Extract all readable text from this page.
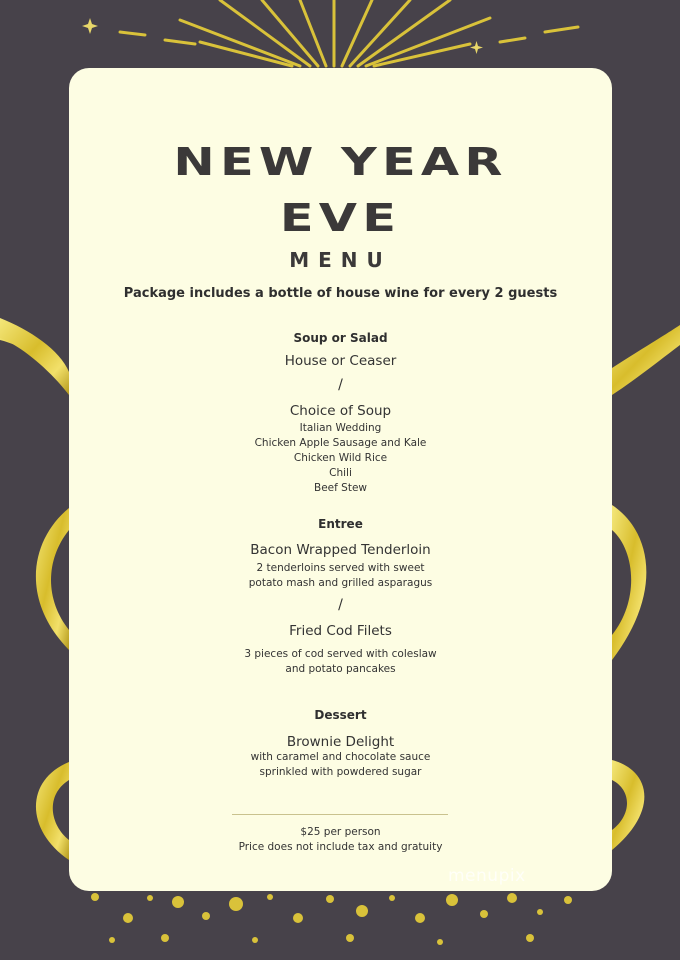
NEW YEAR
EVE
MENU
Package includes a bottle of house wine for every 2 guests
Soup or Salad
House or Ceaser
/
Choice of Soup
Italian Wedding
Chicken Apple Sausage and Kale
Chicken Wild Rice
Chili
Beef Stew
Entree
Bacon Wrapped Tenderloin
2 tenderloins served with sweet
potato mash and grilled asparagus
/
Fried Cod Filets
3 pieces of cod served with coleslaw
and potato pancakes
Dessert
Brownie Delight
with caramel and chocolate sauce
sprinkled with powdered sugar
$25 per person
Price does not include tax and gratuity
menupix
